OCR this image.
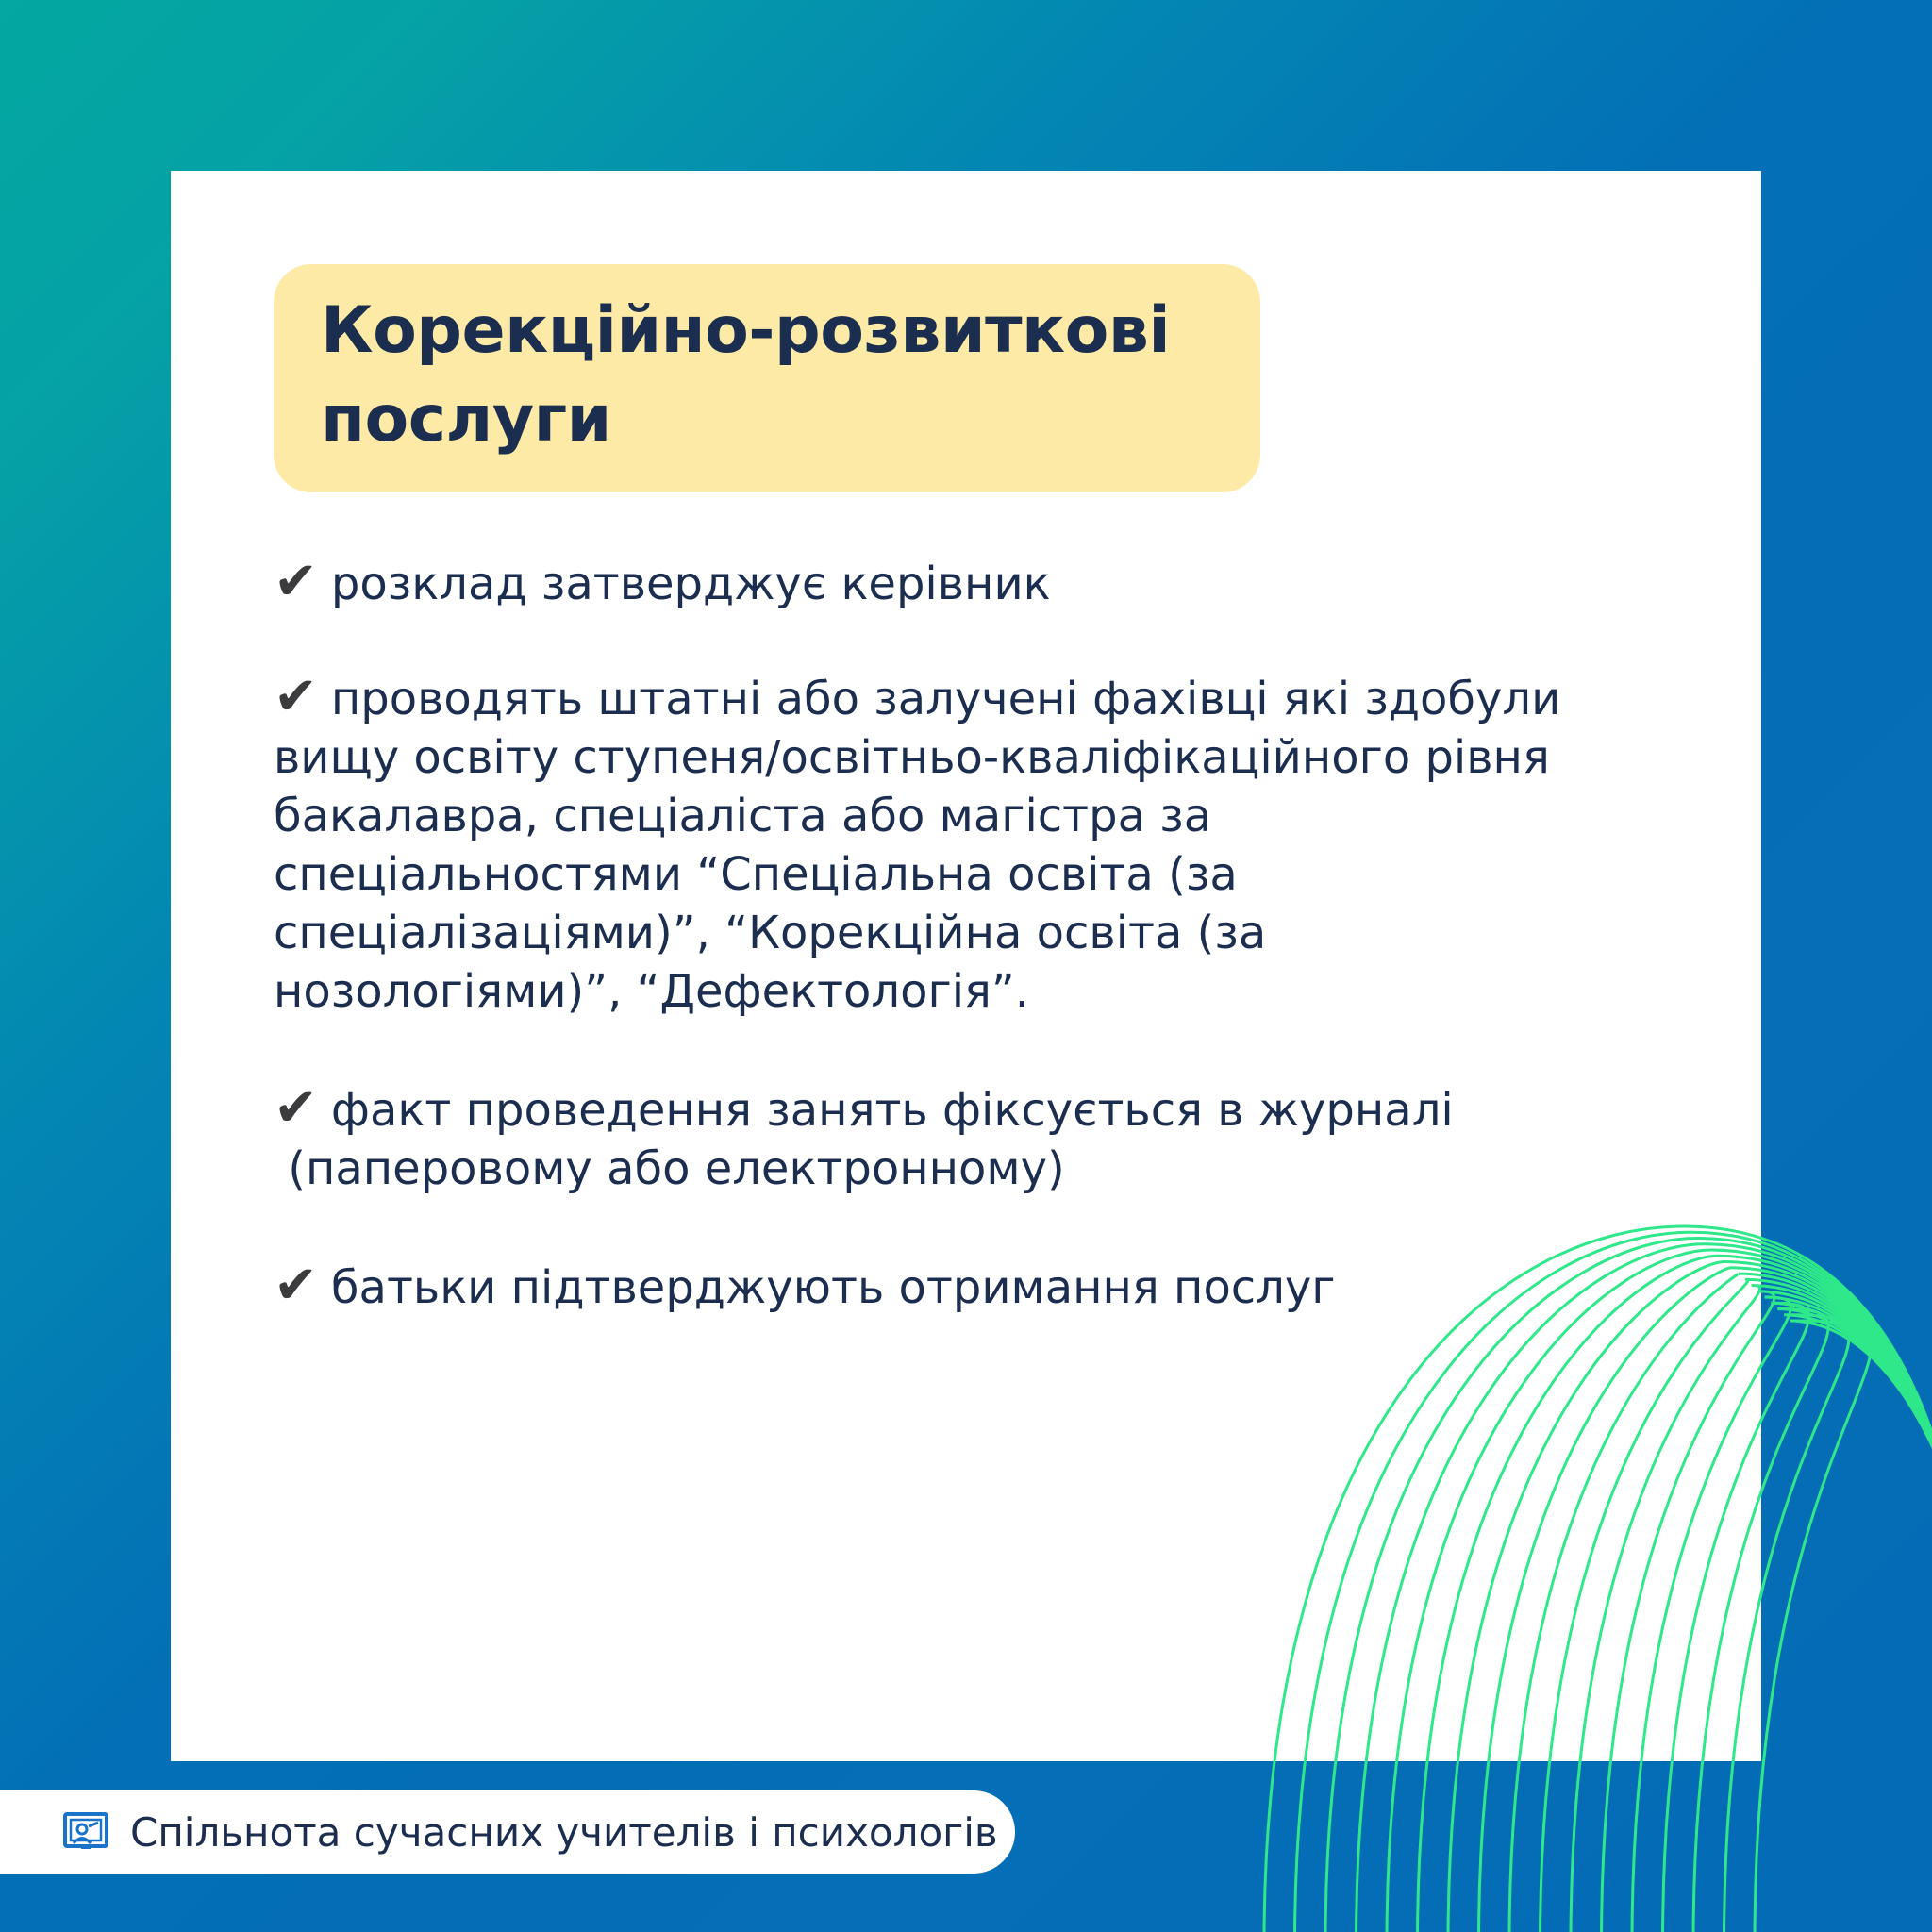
Корекційно-розвиткові
послуги
✔ розклад затверджує керівник
✔ проводять штатні або залучені фахівці які здобули
вищу освіту ступеня/освітньо-кваліфікаційного рівня
бакалавра, спеціаліста або магістра за
спеціальностями “Спеціальна освіта (за
спеціалізаціями)”, “Корекційна освіта (за
нозологіями)”, “Дефектологія”.
✔ факт проведення занять фіксується в журналі
(паперовому або електронному)
✔ батьки підтверджують отримання послуг
Спільнота сучасних учителів і психологів
